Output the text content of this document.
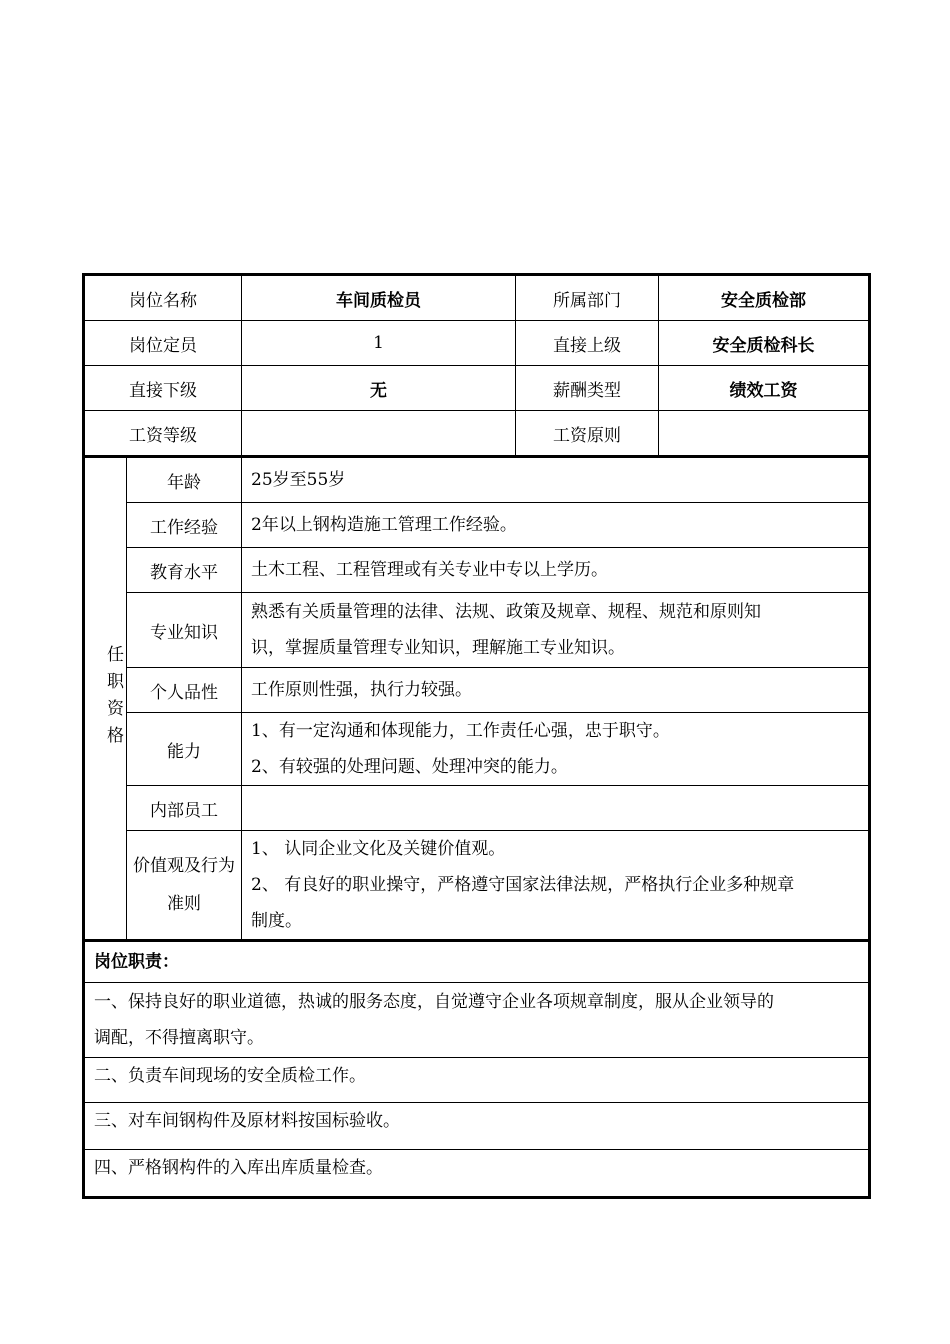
岗位名称		车间质检员	所属部门	安全质检部
岗位定员		1	直接上级	安全质检科长
直接下级		无	薪酬类型	绩效工资
工资等级			工资原则	
任职资格	年龄	25岁至55岁		

	工作经验	2年以上钢构造施工管理工作经验。		

	教育水平	土木工程、工程管理或有关专业中专以上学历。		

	专业知识	熟悉有关质量管理的法律、法规、政策及规章、规程、规范和原则知
识，掌握质量管理专业知识，理解施工专业知识。		

	个人品性	工作原则性强，执行力较强。		

	能力	1、有一定沟通和体现能力，工作责任心强，忠于职守。
2、有较强的处理问题、处理冲突的能力。		

	内部员工			
	价值观及行为准则	1、 认同企业文化及关键价值观。
2、 有良好的职业操守，严格遵守国家法律法规，严格执行企业多种规章
制度。		

岗位职责：				

一、保持良好的职业道德，热诚的服务态度，自觉遵守企业各项规章制度，服从企业领导的
调配，不得擅离职守。				

二、负责车间现场的安全质检工作。				

三、对车间钢构件及原材料按国标验收。				

四、严格钢构件的入库出库质量检查。				
